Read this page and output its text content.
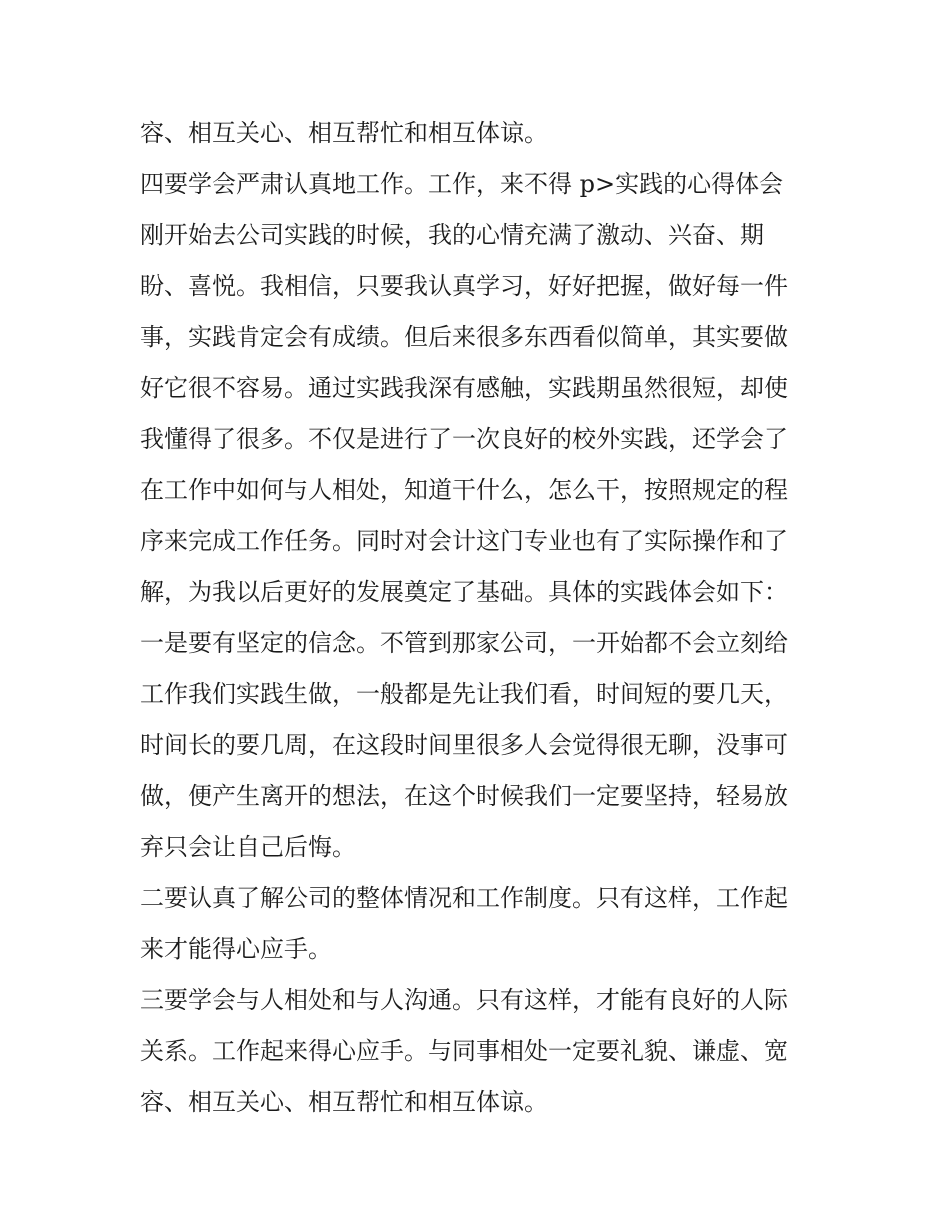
容、相互关心、相互帮忙和相互体谅。
四要学会严肃认真地工作。工作，来不得 p>实践的心得体会
刚开始去公司实践的时候，我的心情充满了激动、兴奋、期
盼、喜悦。我相信，只要我认真学习，好好把握，做好每一件
事，实践肯定会有成绩。但后来很多东西看似简单，其实要做
好它很不容易。通过实践我深有感触，实践期虽然很短，却使
我懂得了很多。不仅是进行了一次良好的校外实践，还学会了
在工作中如何与人相处，知道干什么，怎么干，按照规定的程
序来完成工作任务。同时对会计这门专业也有了实际操作和了
解，为我以后更好的发展奠定了基础。具体的实践体会如下：
一是要有坚定的信念。不管到那家公司，一开始都不会立刻给
工作我们实践生做，一般都是先让我们看，时间短的要几天，
时间长的要几周，在这段时间里很多人会觉得很无聊，没事可
做，便产生离开的想法，在这个时候我们一定要坚持，轻易放
弃只会让自己后悔。
二要认真了解公司的整体情况和工作制度。只有这样，工作起
来才能得心应手。
三要学会与人相处和与人沟通。只有这样，才能有良好的人际
关系。工作起来得心应手。与同事相处一定要礼貌、谦虚、宽
容、相互关心、相互帮忙和相互体谅。
